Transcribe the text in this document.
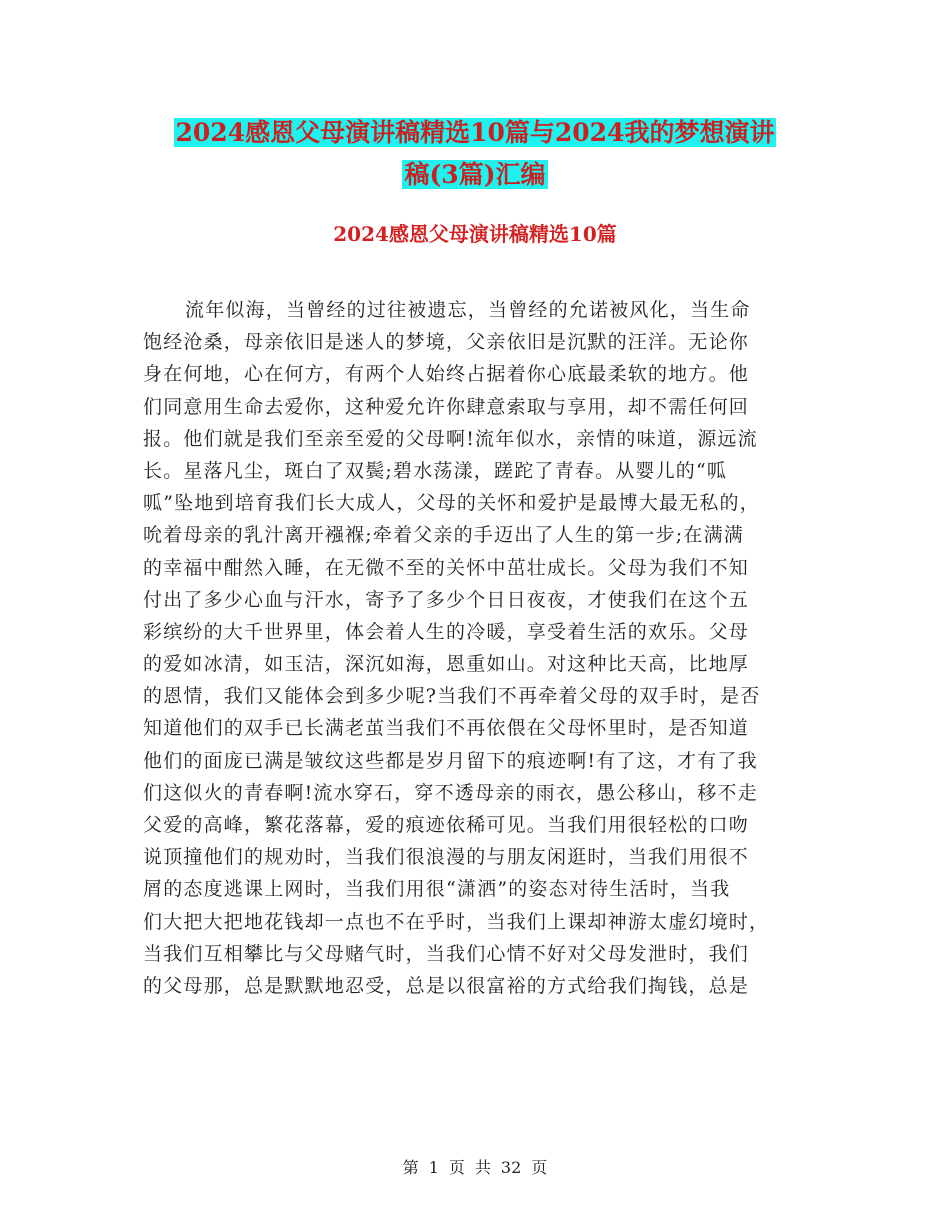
2024感恩父母演讲稿精选10篇与2024我的梦想演讲
稿(3篇)汇编
2024感恩父母演讲稿精选10篇
流年似海，当曾经的过往被遗忘，当曾经的允诺被风化，当生命
饱经沧桑，母亲依旧是迷人的梦境，父亲依旧是沉默的汪洋。无论你
身在何地，心在何方，有两个人始终占据着你心底最柔软的地方。他
们同意用生命去爱你，这种爱允许你肆意索取与享用，却不需任何回
报。他们就是我们至亲至爱的父母啊!流年似水，亲情的味道，源远流
长。星落凡尘，斑白了双鬓;碧水荡漾，蹉跎了青春。从婴儿的“呱
呱”坠地到培育我们长大成人，父母的关怀和爱护是最博大最无私的，
吮着母亲的乳汁离开襁褓;牵着父亲的手迈出了人生的第一步;在满满
的幸福中酣然入睡，在无微不至的关怀中茁壮成长。父母为我们不知
付出了多少心血与汗水，寄予了多少个日日夜夜，才使我们在这个五
彩缤纷的大千世界里，体会着人生的冷暖，享受着生活的欢乐。父母
的爱如冰清，如玉洁，深沉如海，恩重如山。对这种比天高，比地厚
的恩情，我们又能体会到多少呢?当我们不再牵着父母的双手时，是否
知道他们的双手已长满老茧当我们不再依偎在父母怀里时，是否知道
他们的面庞已满是皱纹这些都是岁月留下的痕迹啊!有了这，才有了我
们这似火的青春啊!流水穿石，穿不透母亲的雨衣，愚公移山，移不走
父爱的高峰，繁花落幕，爱的痕迹依稀可见。当我们用很轻松的口吻
说顶撞他们的规劝时，当我们很浪漫的与朋友闲逛时，当我们用很不
屑的态度逃课上网时，当我们用很“潇洒”的姿态对待生活时，当我
们大把大把地花钱却一点也不在乎时，当我们上课却神游太虚幻境时，
当我们互相攀比与父母赌气时，当我们心情不好对父母发泄时，我们
的父母那，总是默默地忍受，总是以很富裕的方式给我们掏钱，总是
第 1 页 共 32 页
